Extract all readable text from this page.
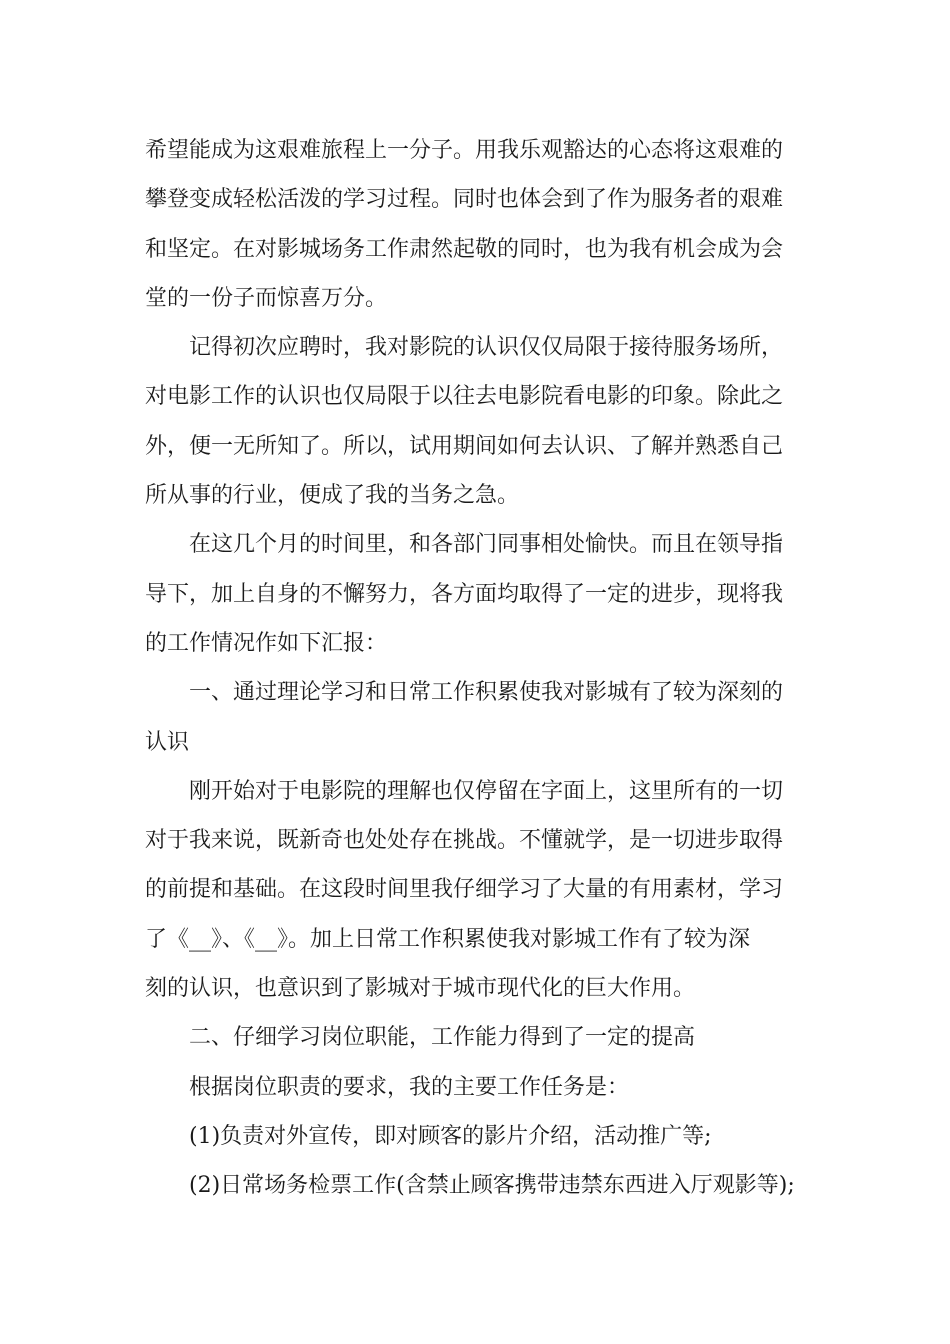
希望能成为这艰难旅程上一分子。用我乐观豁达的心态将这艰难的
攀登变成轻松活泼的学习过程。同时也体会到了作为服务者的艰难
和坚定。在对影城场务工作肃然起敬的同时，也为我有机会成为会
堂的一份子而惊喜万分。
记得初次应聘时，我对影院的认识仅仅局限于接待服务场所，
对电影工作的认识也仅局限于以往去电影院看电影的印象。除此之
外，便一无所知了。所以，试用期间如何去认识、了解并熟悉自己
所从事的行业，便成了我的当务之急。
在这几个月的时间里，和各部门同事相处愉快。而且在领导指
导下，加上自身的不懈努力，各方面均取得了一定的进步，现将我
的工作情况作如下汇报：
一、通过理论学习和日常工作积累使我对影城有了较为深刻的
认识
刚开始对于电影院的理解也仅停留在字面上，这里所有的一切
对于我来说，既新奇也处处存在挑战。不懂就学，是一切进步取得
的前提和基础。在这段时间里我仔细学习了大量的有用素材，学习
了《__》、《__》。加上日常工作积累使我对影城工作有了较为深
刻的认识，也意识到了影城对于城市现代化的巨大作用。
二、仔细学习岗位职能，工作能力得到了一定的提高
根据岗位职责的要求，我的主要工作任务是：
(1)负责对外宣传，即对顾客的影片介绍，活动推广等;
(2)日常场务检票工作(含禁止顾客携带违禁东西进入厅观影等);
